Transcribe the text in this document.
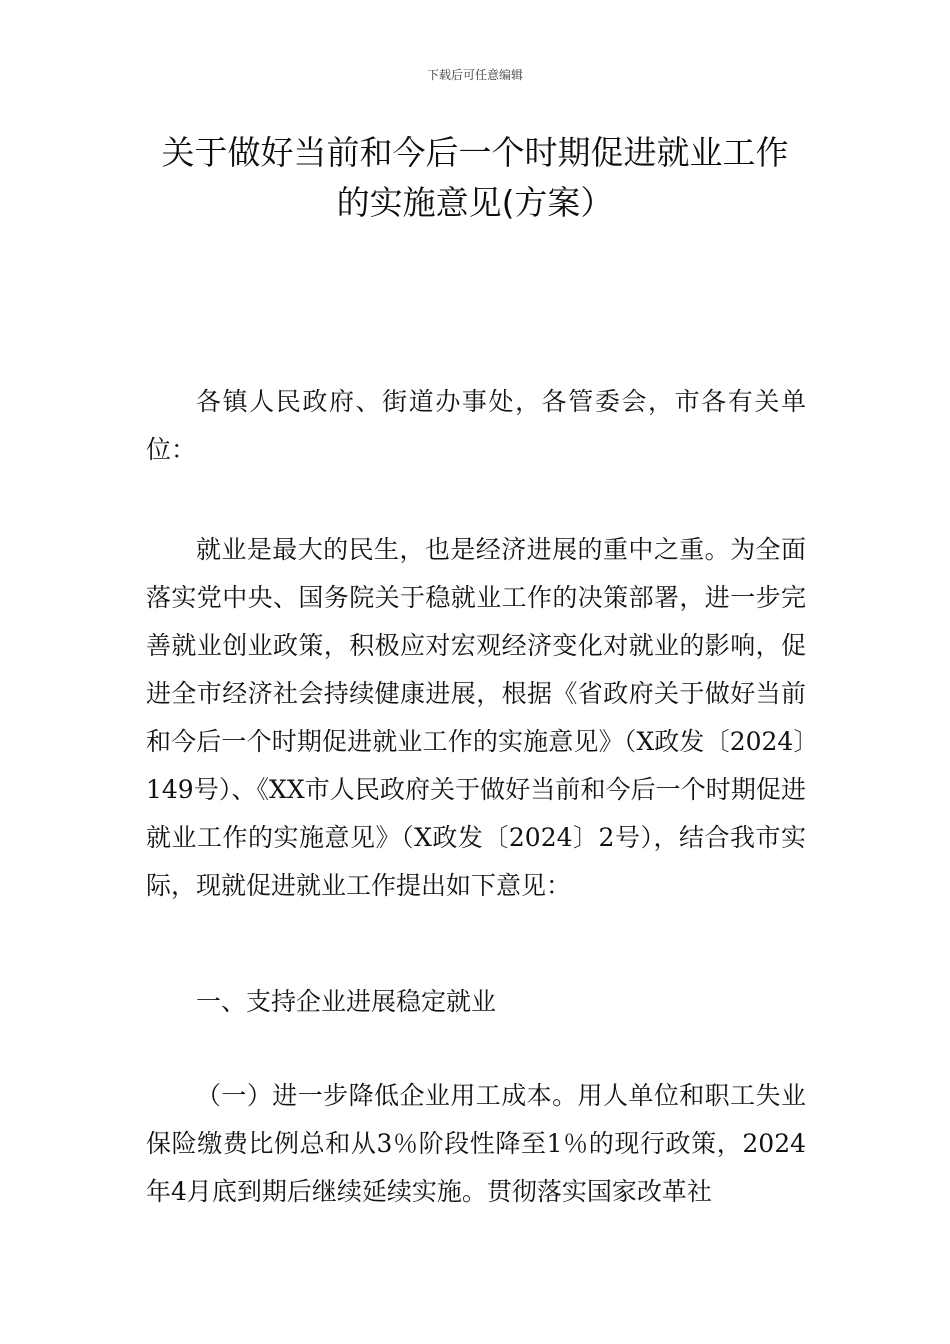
下载后可任意编辑
关于做好当前和今后一个时期促进就业工作的实施意见(方案）

各镇人民政府、街道办事处，各管委会，市各有关单位：

就业是最大的民生，也是经济进展的重中之重。为全面落实党中央、国务院关于稳就业工作的决策部署，进一步完善就业创业政策，积极应对宏观经济变化对就业的影响，促进全市经济社会持续健康进展，根据《省政府关于做好当前和今后一个时期促进就业工作的实施意见》（X政发〔2024〕149号）、《XX市人民政府关于做好当前和今后一个时期促进就业工作的实施意见》（X政发〔2024〕2号），结合我市实际，现就促进就业工作提出如下意见：

一、支持企业进展稳定就业

（一）进一步降低企业用工成本。用人单位和职工失业保险缴费比例总和从3％阶段性降至1％的现行政策，2024年4月底到期后继续延续实施。贯彻落实国家改革社
